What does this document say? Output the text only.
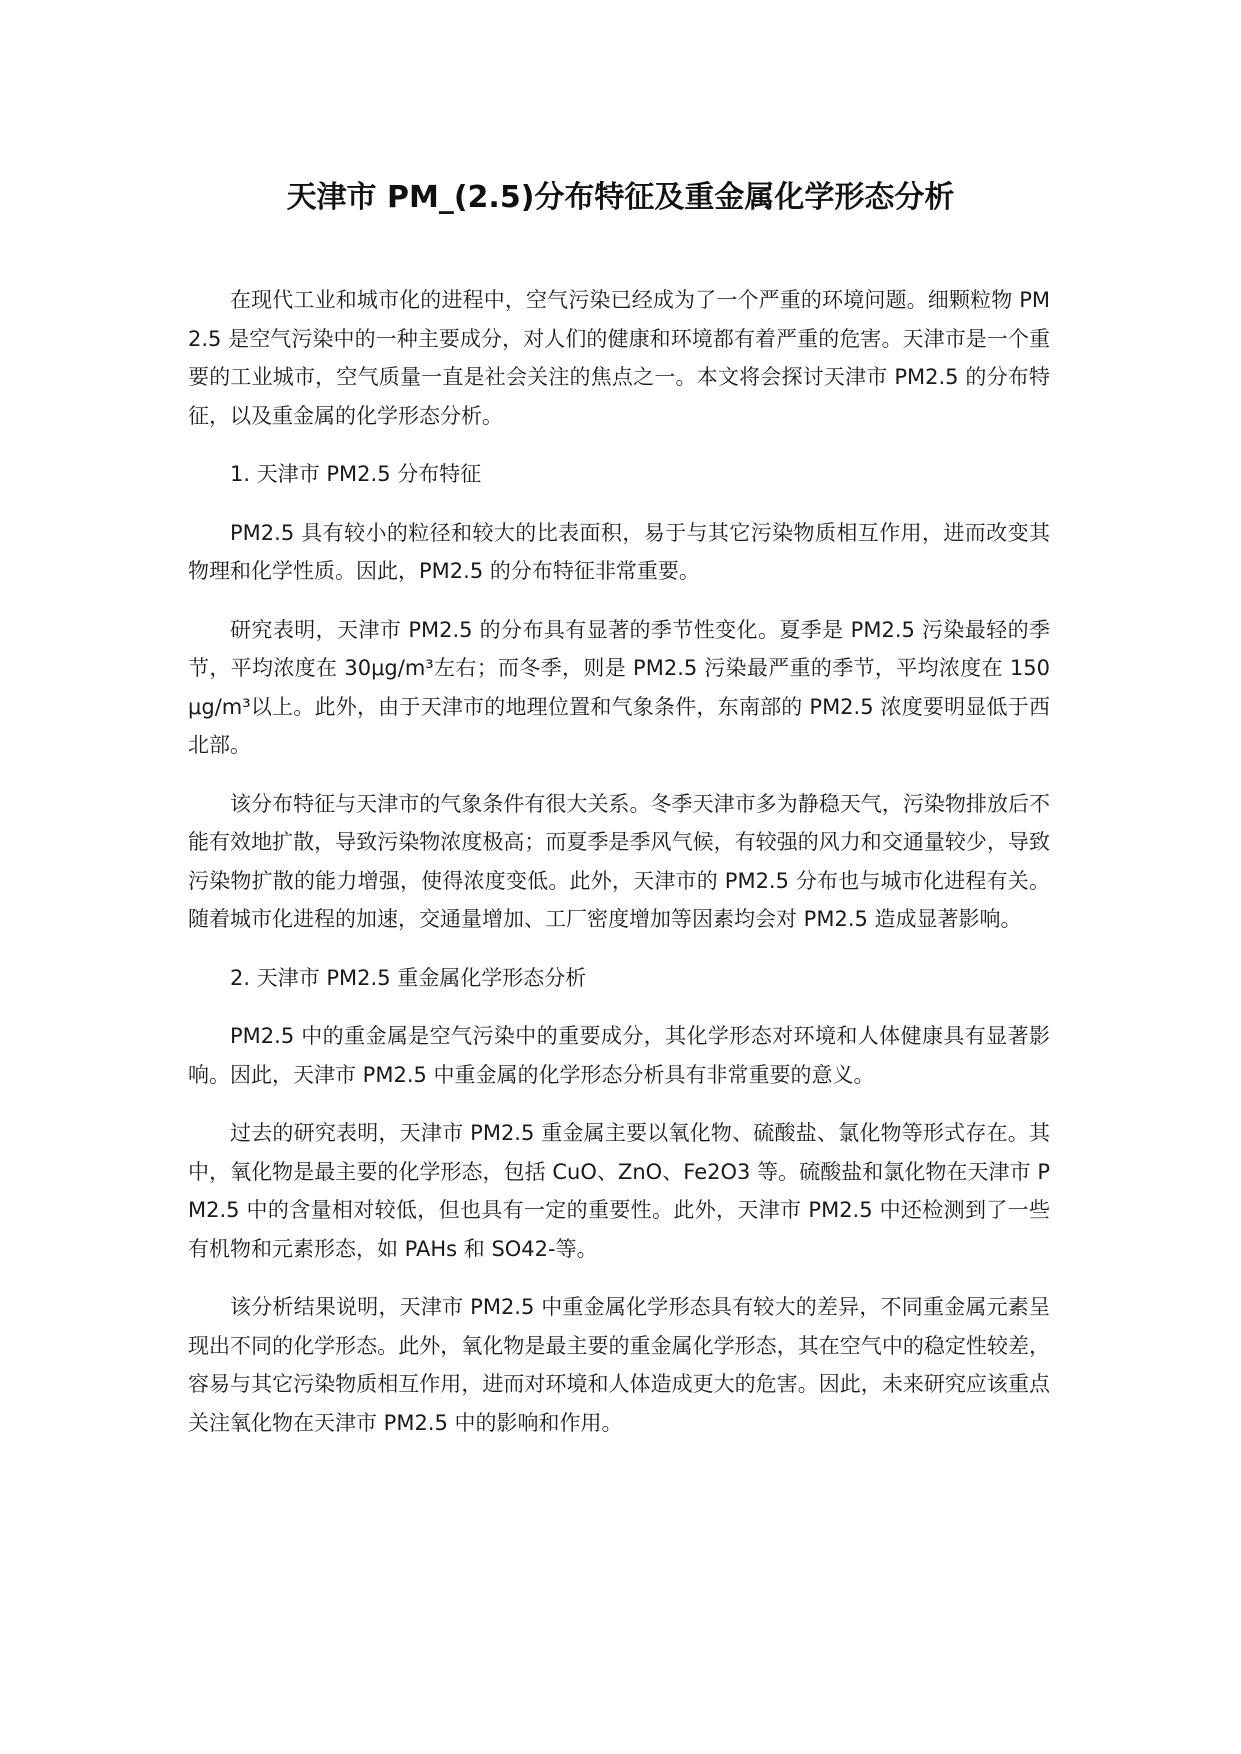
天津市 PM_(2.5)分布特征及重金属化学形态分析

在现代工业和城市化的进程中，空气污染已经成为了一个严重的环境问题。细颗粒物 PM2.5 是空气污染中的一种主要成分，对人们的健康和环境都有着严重的危害。天津市是一个重要的工业城市，空气质量一直是社会关注的焦点之一。本文将会探讨天津市 PM2.5 的分布特征，以及重金属的化学形态分析。

1. 天津市 PM2.5 分布特征

PM2.5 具有较小的粒径和较大的比表面积，易于与其它污染物质相互作用，进而改变其物理和化学性质。因此，PM2.5 的分布特征非常重要。

研究表明，天津市 PM2.5 的分布具有显著的季节性变化。夏季是 PM2.5 污染最轻的季节，平均浓度在 30μg/m³左右；而冬季，则是 PM2.5 污染最严重的季节，平均浓度在 150μg/m³以上。此外，由于天津市的地理位置和气象条件，东南部的 PM2.5 浓度要明显低于西北部。

该分布特征与天津市的气象条件有很大关系。冬季天津市多为静稳天气，污染物排放后不能有效地扩散，导致污染物浓度极高；而夏季是季风气候，有较强的风力和交通量较少，导致污染物扩散的能力增强，使得浓度变低。此外，天津市的 PM2.5 分布也与城市化进程有关。随着城市化进程的加速，交通量增加、工厂密度增加等因素均会对 PM2.5 造成显著影响。

2. 天津市 PM2.5 重金属化学形态分析

PM2.5 中的重金属是空气污染中的重要成分，其化学形态对环境和人体健康具有显著影响。因此，天津市 PM2.5 中重金属的化学形态分析具有非常重要的意义。

过去的研究表明，天津市 PM2.5 重金属主要以氧化物、硫酸盐、氯化物等形式存在。其中，氧化物是最主要的化学形态，包括 CuO、ZnO、Fe2O3 等。硫酸盐和氯化物在天津市 PM2.5 中的含量相对较低，但也具有一定的重要性。此外，天津市 PM2.5 中还检测到了一些有机物和元素形态，如 PAHs 和 SO42-等。

该分析结果说明，天津市 PM2.5 中重金属化学形态具有较大的差异，不同重金属元素呈现出不同的化学形态。此外，氧化物是最主要的重金属化学形态，其在空气中的稳定性较差，容易与其它污染物质相互作用，进而对环境和人体造成更大的危害。因此，未来研究应该重点关注氧化物在天津市 PM2.5 中的影响和作用。
